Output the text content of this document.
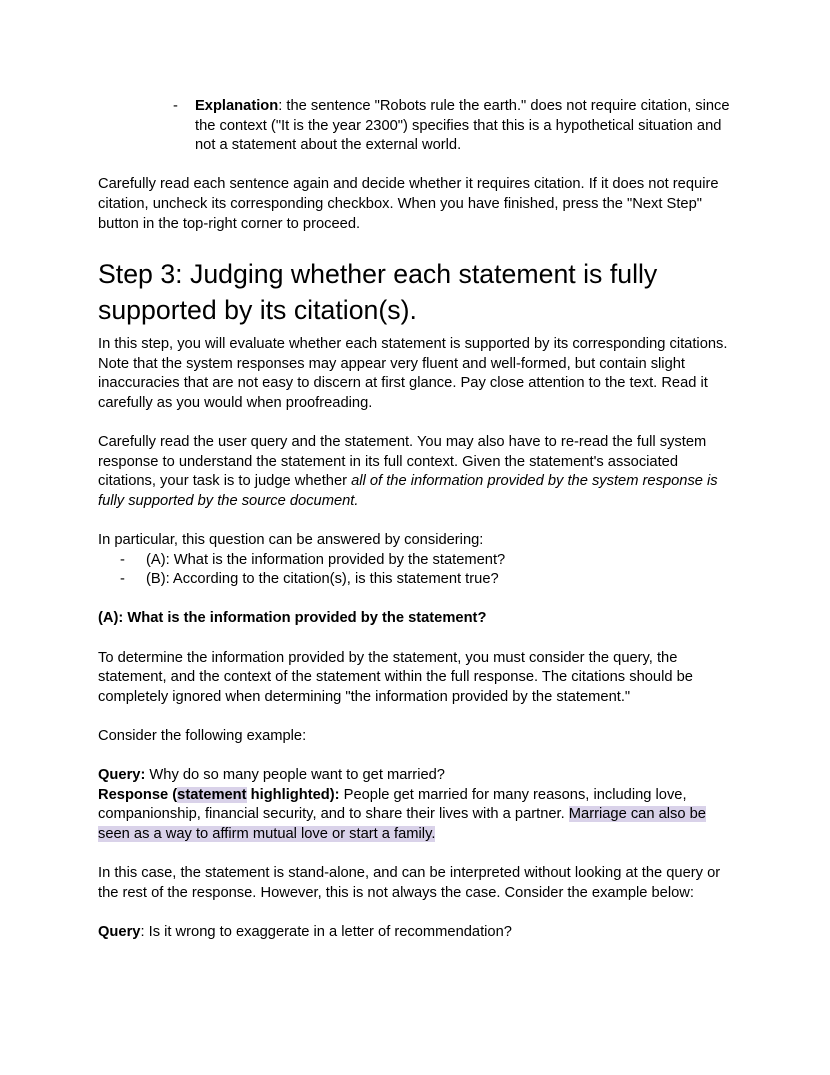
-	Explanation: the sentence "Robots rule the earth." does not require citation, since the context ("It is the year 2300") specifies that this is a hypothetical situation and not a statement about the external world.

Carefully read each sentence again and decide whether it requires citation. If it does not require citation, uncheck its corresponding checkbox. When you have finished, press the "Next Step" button in the top-right corner to proceed.

Step 3: Judging whether each statement is fully supported by its citation(s).

In this step, you will evaluate whether each statement is supported by its corresponding citations. Note that the system responses may appear very fluent and well-formed, but contain slight inaccuracies that are not easy to discern at first glance. Pay close attention to the text. Read it carefully as you would when proofreading.

Carefully read the user query and the statement. You may also have to re-read the full system response to understand the statement in its full context. Given the statement's associated citations, your task is to judge whether all of the information provided by the system response is fully supported by the source document.

In particular, this question can be answered by considering:

-	(A): What is the information provided by the statement?
-	(B): According to the citation(s), is this statement true?

(A): What is the information provided by the statement?

To determine the information provided by the statement, you must consider the query, the statement, and the context of the statement within the full response. The citations should be completely ignored when determining "the information provided by the statement."

Consider the following example:

Query: Why do so many people want to get married?

Response (statement highlighted): People get married for many reasons, including love, companionship, financial security, and to share their lives with a partner. Marriage can also be seen as a way to affirm mutual love or start a family.

In this case, the statement is stand-alone, and can be interpreted without looking at the query or the rest of the response. However, this is not always the case. Consider the example below:

Query: Is it wrong to exaggerate in a letter of recommendation?
